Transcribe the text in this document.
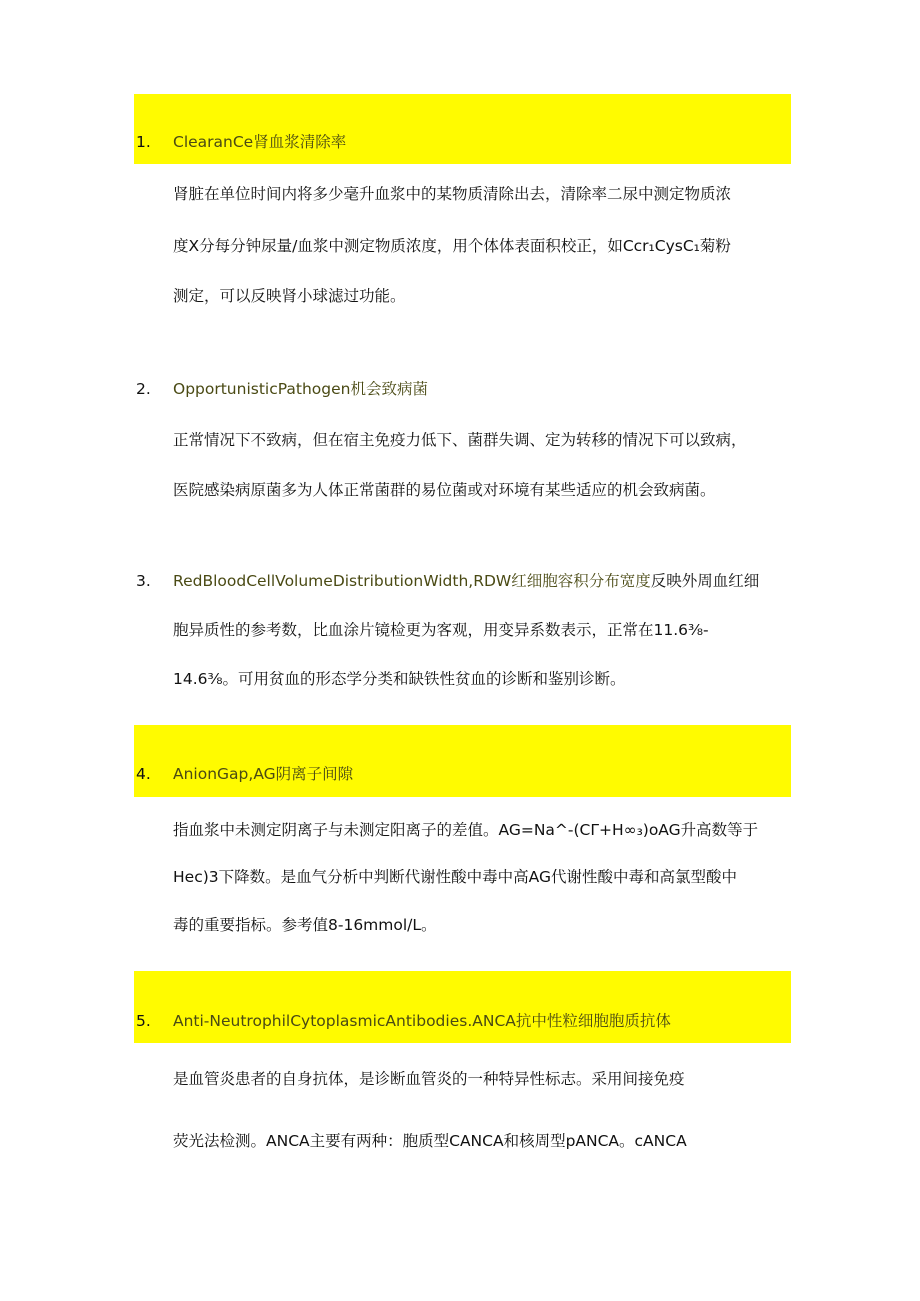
1. ClearanCe肾血浆清除率
肾脏在单位时间内将多少毫升血浆中的某物质清除出去，清除率二尿中测定物质浓
度X分每分钟尿量/血浆中测定物质浓度，用个体体表面积校正，如Ccr₁CysC₁菊粉
测定，可以反映肾小球滤过功能。
2. OpportunisticPathogen机会致病菌
正常情况下不致病，但在宿主免疫力低下、菌群失调、定为转移的情况下可以致病，
医院感染病原菌多为人体正常菌群的易位菌或对环境有某些适应的机会致病菌。
3. RedBloodCellVolumeDistributionWidth,RDW红细胞容积分布宽度反映外周血红细
胞异质性的参考数，比血涂片镜检更为客观，用变异系数表示，正常在11.6⅜-
14.6⅜。可用贫血的形态学分类和缺铁性贫血的诊断和鉴别诊断。
4. AnionGap,AG阴离子间隙
指血浆中未测定阴离子与未测定阳离子的差值。AG=Na^-(CΓ+H∞₃)oAG升高数等于
Hec)3下降数。是血气分析中判断代谢性酸中毒中高AG代谢性酸中毒和高氯型酸中
毒的重要指标。参考值8-16mmol∕L。
5. Anti-NeutrophilCytoplasmicAntibodies.ANCA抗中性粒细胞胞质抗体
是血管炎患者的自身抗体，是诊断血管炎的一种特异性标志。采用间接免疫
荧光法检测。ANCA主要有两种：胞质型CANCA和核周型pANCA。cANCA
